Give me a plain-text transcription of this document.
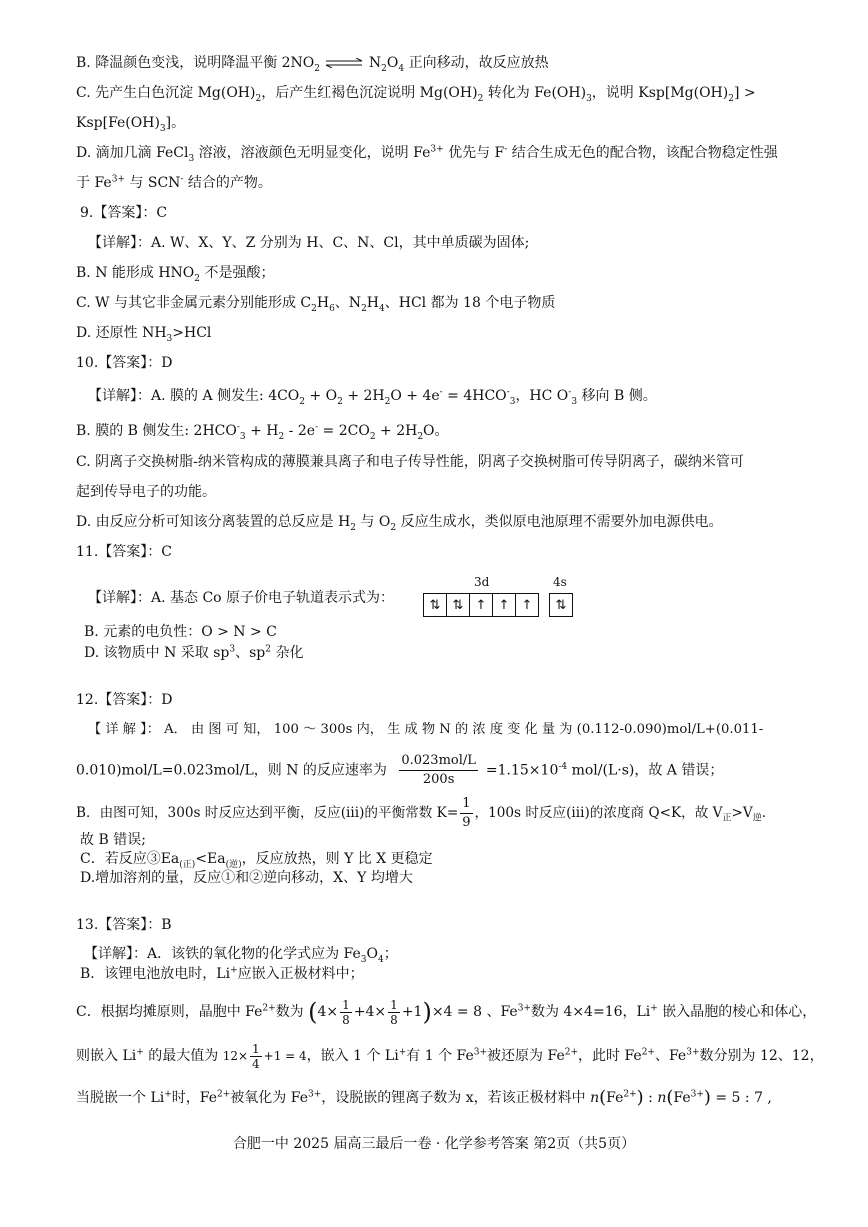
B. 降温颜色变浅，说明降温平衡 $2NO_2$ ⇌ $N_2O_4$ 正向移动，故反应放热
C. 先产生白色沉淀 $Mg(OH)_2$，后产生红褐色沉淀说明 $Mg(OH)_2$ 转化为 $Fe(OH)_3$，说明 $Ksp[Mg(OH)_2]$ >
$Ksp[Fe(OH)_3]$。
D. 滴加几滴 FeCl$_3$ 溶液，溶液颜色无明显变化，说明 $Fe^{3+}$ 优先与 F- 结合生成无色的配合物，该配合物稳定性强
于 $Fe^{3+}$ 与 SCN- 结合的产物。
9.【答案】：C
【详解】：A. W、X、Y、Z 分别为 H、C、N、Cl，其中单质碳为固体;
B. N 能形成 $HNO_2$ 不是强酸；
C. W 与其它非金属元素分别能形成 $C_2H_6$、$N_2H_4$、HCl 都为 18 个电子物质
D. 还原性 $NH_3>HCl$
10.【答案】：D
【详解】：A. 膜的 A 侧发生: $4CO_2 + O_2 + 2H_2O + 4e^- = 4HCO^-_3$，HC $O^-_3$ 移向 B 侧。
B. 膜的 B 侧发生: $2HCO^-_3 + H_2 - 2e^- = 2CO_2 + 2H_2O$。
C. 阴离子交换树脂-纳米管构成的薄膜兼具离子和电子传导性能，阴离子交换树脂可传导阴离子，碳纳米管可
起到传导电子的功能。
D. 由反应分析可知该分离装置的总反应是 $H_2$ 与 $O_2$ 反应生成水，类似原电池原理不需要外加电源供电。
11.【答案】：C
【详解】：A. 基态 Co 原子价电子轨道表示式为：
3d	4s
⇅ ⇅ ↑ ↑ ↑	⇅
B. 元素的电负性：O > N > C
D. 该物质中 N 采取 $sp^3$、$sp^2$ 杂化
12.【答案】：D
【 详 解 】： A． 由 图 可 知， 100 ～ 300s 内， 生 成 物 N 的 浓 度 变 化 量 为 (0.112-0.090)mol/L+(0.011-
0.010)mol/L=0.023mol/L，则 N 的反应速率为 $\frac{\text{0.023mol/L}}{200s} =1.15\times 10^{-4}$ mol/(L·s)，故 A 错误；
B．由图可知，300s 时反应达到平衡，反应(iii)的平衡常数 $K= \frac{1}{9}$ ，100s 时反应(iii)的浓度商 Q<K，故 $V_正>V_逆$.
故 B 错误;
C．若反应$③Ea_{(正)}<Ea_{(逆)}$，反应放热，则 Y 比 X 更稳定
D.增加溶剂的量，反应①和②逆向移动，X、Y 均增大
13.【答案】：B
【详解】：A．该铁的氧化物的化学式应为 $Fe_3O_4$；
B．该锂电池放电时，Li+应嵌入正极材料中；
C．根据均摊原则，晶胞中 $Fe^{2+}$数为 $(4\times \frac{1}{8} +4\times \frac{1}{8} +1)\times 4 = 8$ 、$Fe^{3+}$数为 4×4=16，Li+ 嵌入晶胞的棱心和体心，
则嵌入 Li+ 的最大值为 $12\times \frac{1}{4} +1 = 4$，嵌入 1 个 Li+有 1 个 $Fe^{3+}$被还原为 $Fe^{2+}$，此时 $Fe^{2+}$、$Fe^{3+}$数分别为 12、12，
当脱嵌一个 Li+时，$Fe^{2+}$被氧化为 $Fe^{3+}$，设脱嵌的锂离子数为 x，若该正极材料中 $n(Fe^{2+})$ : $n(Fe^{3+}) = 5$ : 7 ,
合肥一中 2025 届高三最后一卷 · 化学参考答案 第2页（共5页）
